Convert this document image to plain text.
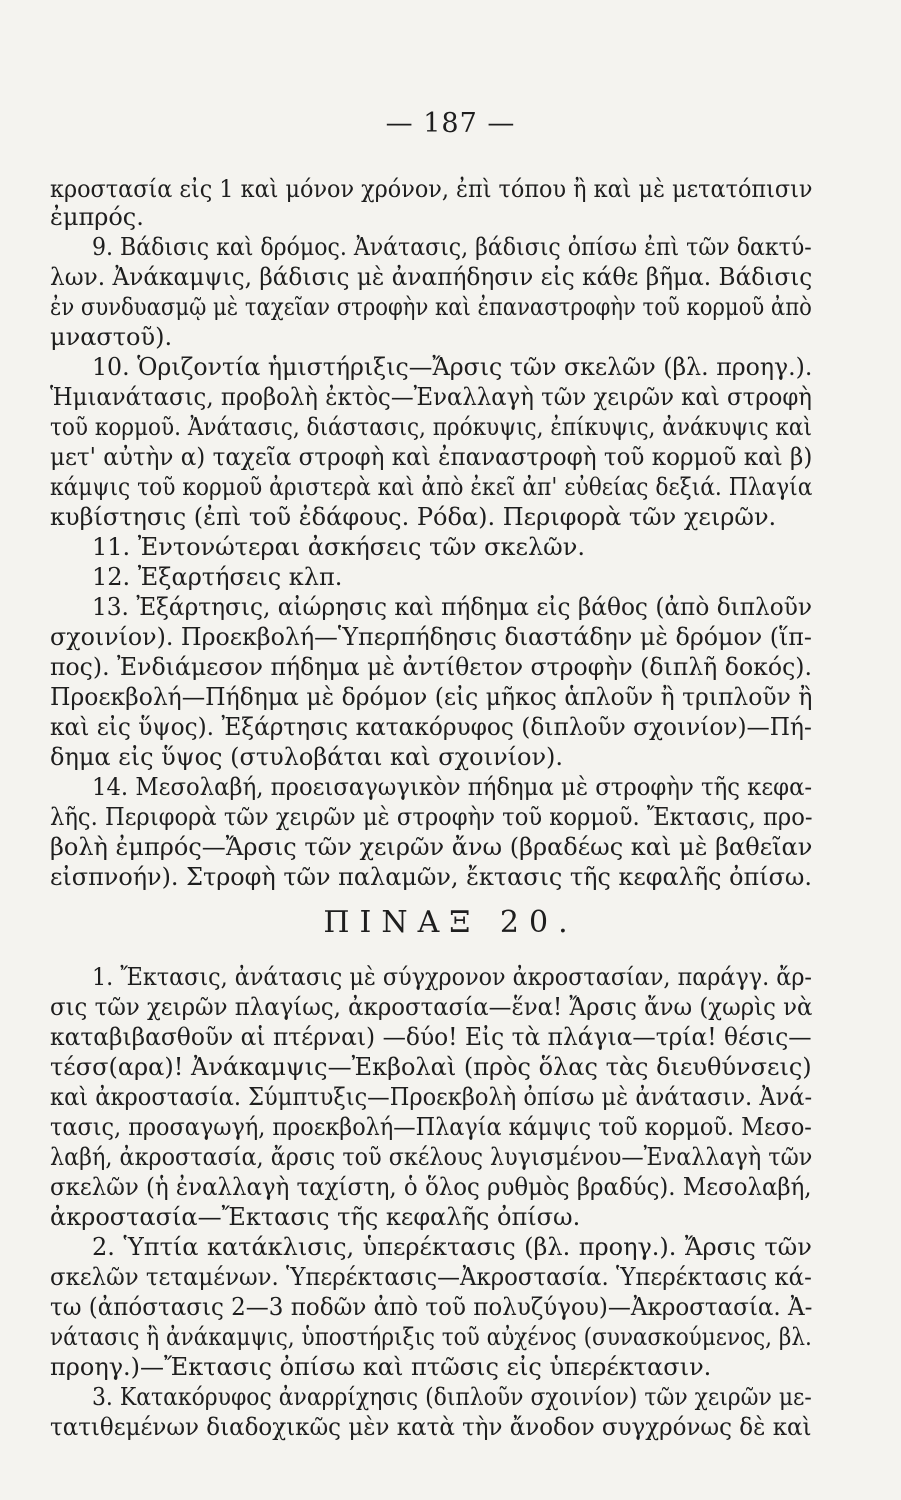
— 187 —
κροστασία εἰς 1 καὶ μόνον χρόνον, ἐπὶ τόπου ἢ καὶ μὲ μετατόπισιν
ἐμπρός.
9. Βάδισις καὶ δρόμος. Ἀνάτασις, βάδισις ὀπίσω ἐπὶ τῶν δακτύ-
λων. Ἀνάκαμψις, βάδισις μὲ ἀναπήδησιν εἰς κάθε βῆμα. Βάδισις
ἐν συνδυασμῷ μὲ ταχεῖαν στροφὴν καὶ ἐπαναστροφὴν τοῦ κορμοῦ ἀπὸ
μναστοῦ).
10. Ὁριζοντία ἡμιστήριξις—Ἄρσις τῶν σκελῶν (βλ. προηγ.).
Ἡμιανάτασις, προβολὴ ἐκτὸς—Ἐναλλαγὴ τῶν χειρῶν καὶ στροφὴ
τοῦ κορμοῦ. Ἀνάτασις, διάστασις, πρόκυψις, ἐπίκυψις, ἀνάκυψις καὶ
μετ' αὐτὴν α) ταχεῖα στροφὴ καὶ ἐπαναστροφὴ τοῦ κορμοῦ καὶ β)
κάμψις τοῦ κορμοῦ ἀριστερὰ καὶ ἀπὸ ἐκεῖ ἀπ' εὐθείας δεξιά. Πλαγία
κυβίστησις (ἐπὶ τοῦ ἐδάφους. Ρόδα). Περιφορὰ τῶν χειρῶν.
11. Ἐντονώτεραι ἀσκήσεις τῶν σκελῶν.
12. Ἐξαρτήσεις κλπ.
13. Ἐξάρτησις, αἰώρησις καὶ πήδημα εἰς βάθος (ἀπὸ διπλοῦν
σχοινίον). Προεκβολή—Ὑπερπήδησις διαστάδην μὲ δρόμον (ἵπ-
πος). Ἐνδιάμεσον πήδημα μὲ ἀντίθετον στροφὴν (διπλῆ δοκός).
Προεκβολή—Πήδημα μὲ δρόμον (εἰς μῆκος ἁπλοῦν ἢ τριπλοῦν ἢ
καὶ εἰς ὕψος). Ἐξάρτησις κατακόρυφος (διπλοῦν σχοινίον)—Πή-
δημα εἰς ὕψος (στυλοβάται καὶ σχοινίον).
14. Μεσολαβή, προεισαγωγικὸν πήδημα μὲ στροφὴν τῆς κεφα-
λῆς. Περιφορὰ τῶν χειρῶν μὲ στροφὴν τοῦ κορμοῦ. Ἔκτασις, προ-
βολὴ ἐμπρός—Ἄρσις τῶν χειρῶν ἄνω (βραδέως καὶ μὲ βαθεῖαν
εἰσπνοήν). Στροφὴ τῶν παλαμῶν, ἔκτασις τῆς κεφαλῆς ὀπίσω.
ΠΙΝΑΞ 20.
1. Ἔκτασις, ἀνάτασις μὲ σύγχρονον ἀκροστασίαν, παράγγ. ἄρ-
σις τῶν χειρῶν πλαγίως, ἀκροστασία—ἕνα! Ἄρσις ἄνω (χωρὶς νὰ
καταβιβασθοῦν αἱ πτέρναι) —δύο! Εἰς τὰ πλάγια—τρία! θέσις—
τέσσ(αρα)! Ἀνάκαμψις—Ἐκβολαὶ (πρὸς ὅλας τὰς διευθύνσεις)
καὶ ἀκροστασία. Σύμπτυξις—Προεκβολὴ ὀπίσω μὲ ἀνάτασιν. Ἀνά-
τασις, προσαγωγή, προεκβολή—Πλαγία κάμψις τοῦ κορμοῦ. Μεσο-
λαβή, ἀκροστασία, ἄρσις τοῦ σκέλους λυγισμένου—Ἐναλλαγὴ τῶν
σκελῶν (ἡ ἐναλλαγὴ ταχίστη, ὁ ὅλος ρυθμὸς βραδύς). Μεσολαβή,
ἀκροστασία—Ἔκτασις τῆς κεφαλῆς ὀπίσω.
2. Ὑπτία κατάκλισις, ὑπερέκτασις (βλ. προηγ.). Ἄρσις τῶν
σκελῶν τεταμένων. Ὑπερέκτασις—Ἀκροστασία. Ὑπερέκτασις κά-
τω (ἀπόστασις 2—3 ποδῶν ἀπὸ τοῦ πολυζύγου)—Ἀκροστασία. Ἀ-
νάτασις ἢ ἀνάκαμψις, ὑποστήριξις τοῦ αὐχένος (συνασκούμενος, βλ.
προηγ.)—Ἔκτασις ὀπίσω καὶ πτῶσις εἰς ὑπερέκτασιν.
3. Κατακόρυφος ἀναρρίχησις (διπλοῦν σχοινίον) τῶν χειρῶν με-
τατιθεμένων διαδοχικῶς μὲν κατὰ τὴν ἄνοδον συγχρόνως δὲ καὶ
